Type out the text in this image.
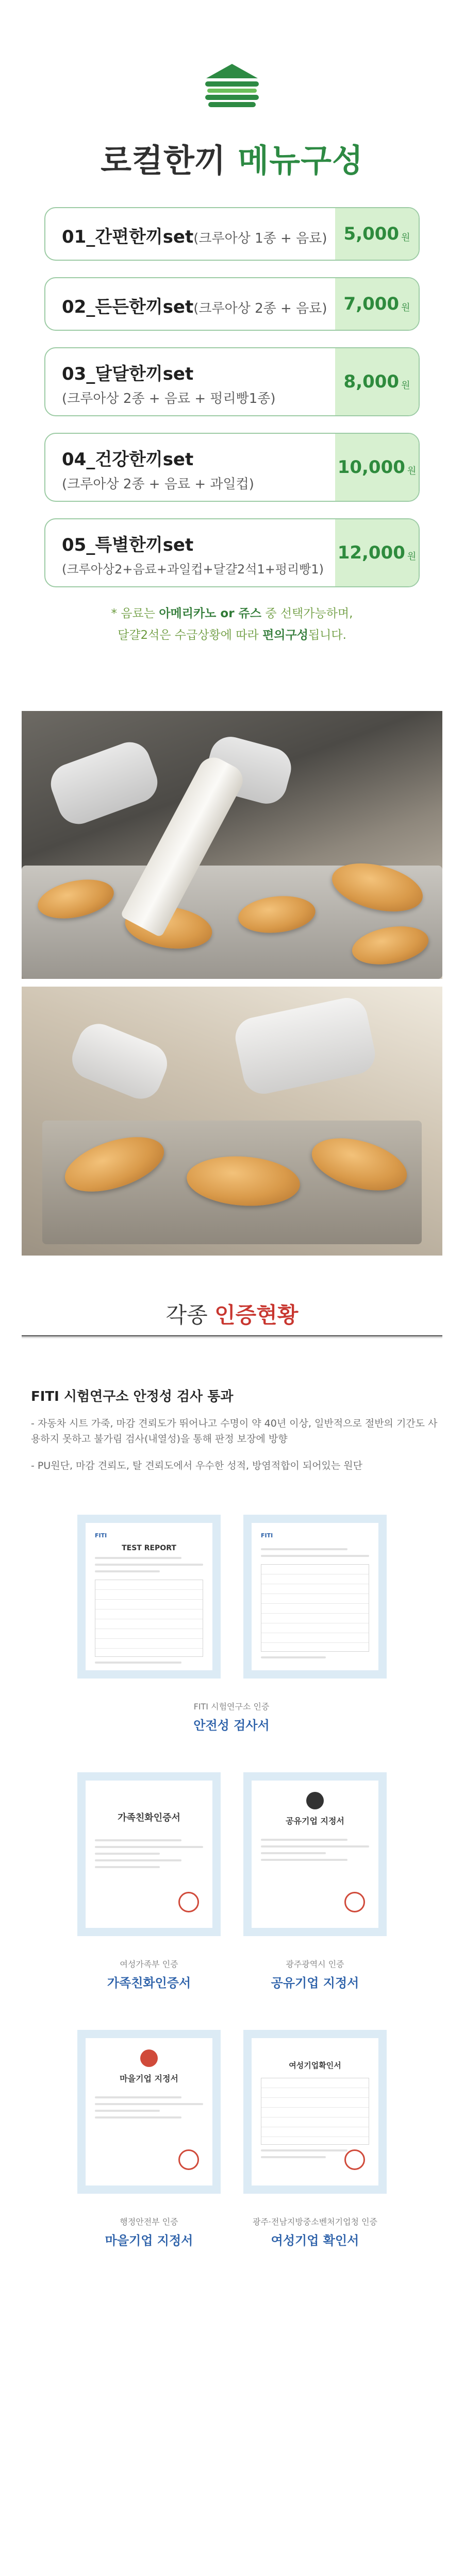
로컬한끼 메뉴구성
01_간편한끼set(크루아상 1종 + 음료) 5,000 원
02_든든한끼set(크루아상 2종 + 음료) 7,000 원
03_달달한끼set
(크루아상 2종 + 음료 + 펑리빵1종)
8,000 원
04_건강한끼set
(크루아상 2종 + 음료 + 과일컵)
10,000 원
05_특별한끼set
(크루아상2+음료+과일컵+달걀2석1+펑리빵1)
12,000 원
* 음료는 아메리카노 or 쥬스 중 선택가능하며,
달걀2석은 수급상황에 따라 편의구성됩니다.
각종 인증현황
FITI 시험연구소 안정성 검사 통과
- 자동차 시트 가죽, 마감 견뢰도가 뛰어나고 수명이 약 40년 이상, 일반적으로 절반의 기간도 사용하지 못하고 불가림 검사(내열성)을 통해 판정 보장에 방향
- PU원단, 마감 견뢰도, 탈 견뢰도에서 우수한 성적, 방염적합이 되어있는 원단
FITI
TEST REPORT
FITI
FITI 시험연구소 인증
안전성 검사서
가족친화인증서	공유기업 지정서
여성가족부 인증
가족친화인증서
광주광역시 인증
공유기업 지정서
마을기업 지정서
여성기업확인서
행정안전부 인증
마을기업 지정서
광주·전남지방중소벤처기업청 인증
여성기업 확인서
